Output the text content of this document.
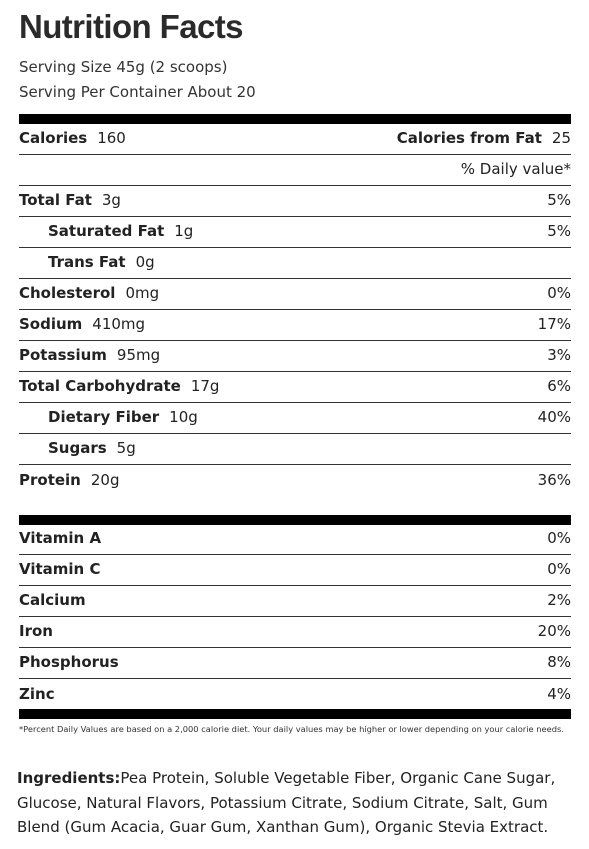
Nutrition Facts
Serving Size 45g (2 scoops)
Serving Per Container About 20
Calories 160	Calories from Fat 25
% Daily value*
Total Fat 3g	5%
Saturated Fat 1g	5%
Trans Fat 0g
Cholesterol 0mg	0%
Sodium 410mg	17%
Potassium 95mg	3%
Total Carbohydrate 17g	6%
Dietary Fiber 10g	40%
Sugars 5g
Protein 20g	36%
Vitamin A	0%
Vitamin C	0%
Calcium	2%
Iron	20%
Phosphorus	8%
Zinc	4%
*Percent Daily Values are based on a 2,000 calorie diet. Your daily values may be higher or lower depending on your calorie needs.
Ingredients:Pea Protein, Soluble Vegetable Fiber, Organic Cane Sugar, Glucose, Natural Flavors, Potassium Citrate, Sodium Citrate, Salt, Gum Blend (Gum Acacia, Guar Gum, Xanthan Gum), Organic Stevia Extract.
